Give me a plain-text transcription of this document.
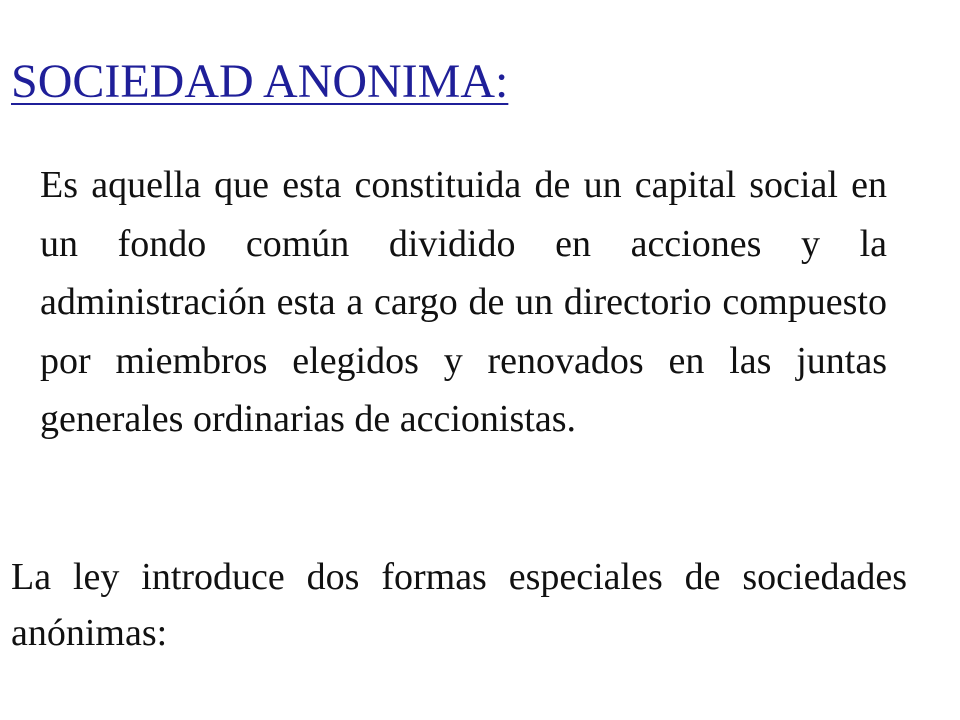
SOCIEDAD ANONIMA:

Es aquella que esta constituida de un capital social en un fondo común dividido en acciones y la administración esta a cargo de un directorio compuesto por miembros elegidos y renovados en las juntas generales ordinarias de accionistas.

La ley introduce dos formas especiales de sociedades anónimas:
